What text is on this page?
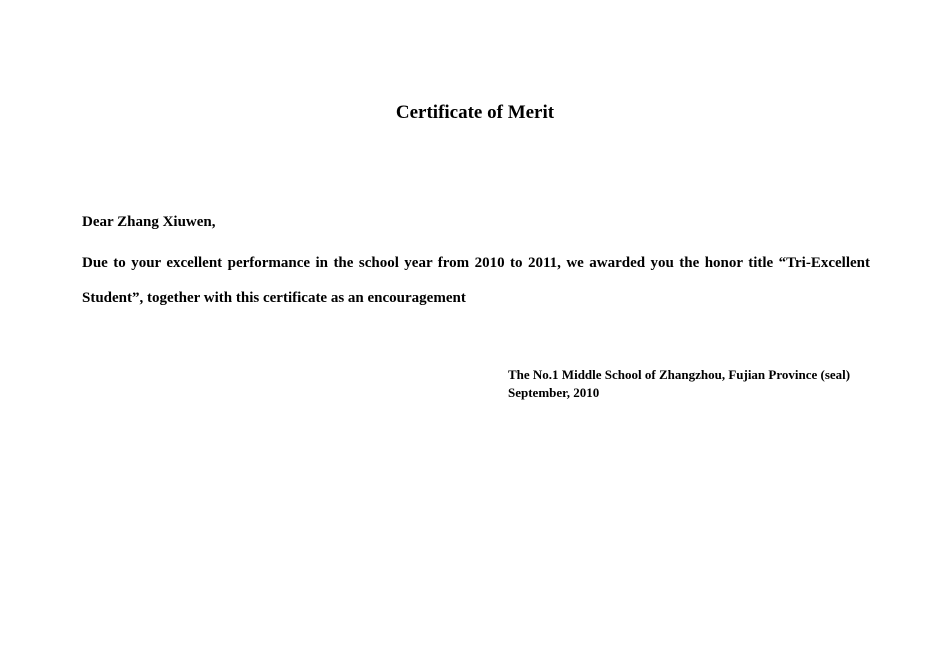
Certificate of Merit

Dear Zhang Xiuwen,

Due to your excellent performance in the school year from 2010 to 2011, we awarded you the honor title “Tri-Excellent Student”, together with this certificate as an encouragement

The No.1 Middle School of Zhangzhou, Fujian Province (seal)
September, 2010
